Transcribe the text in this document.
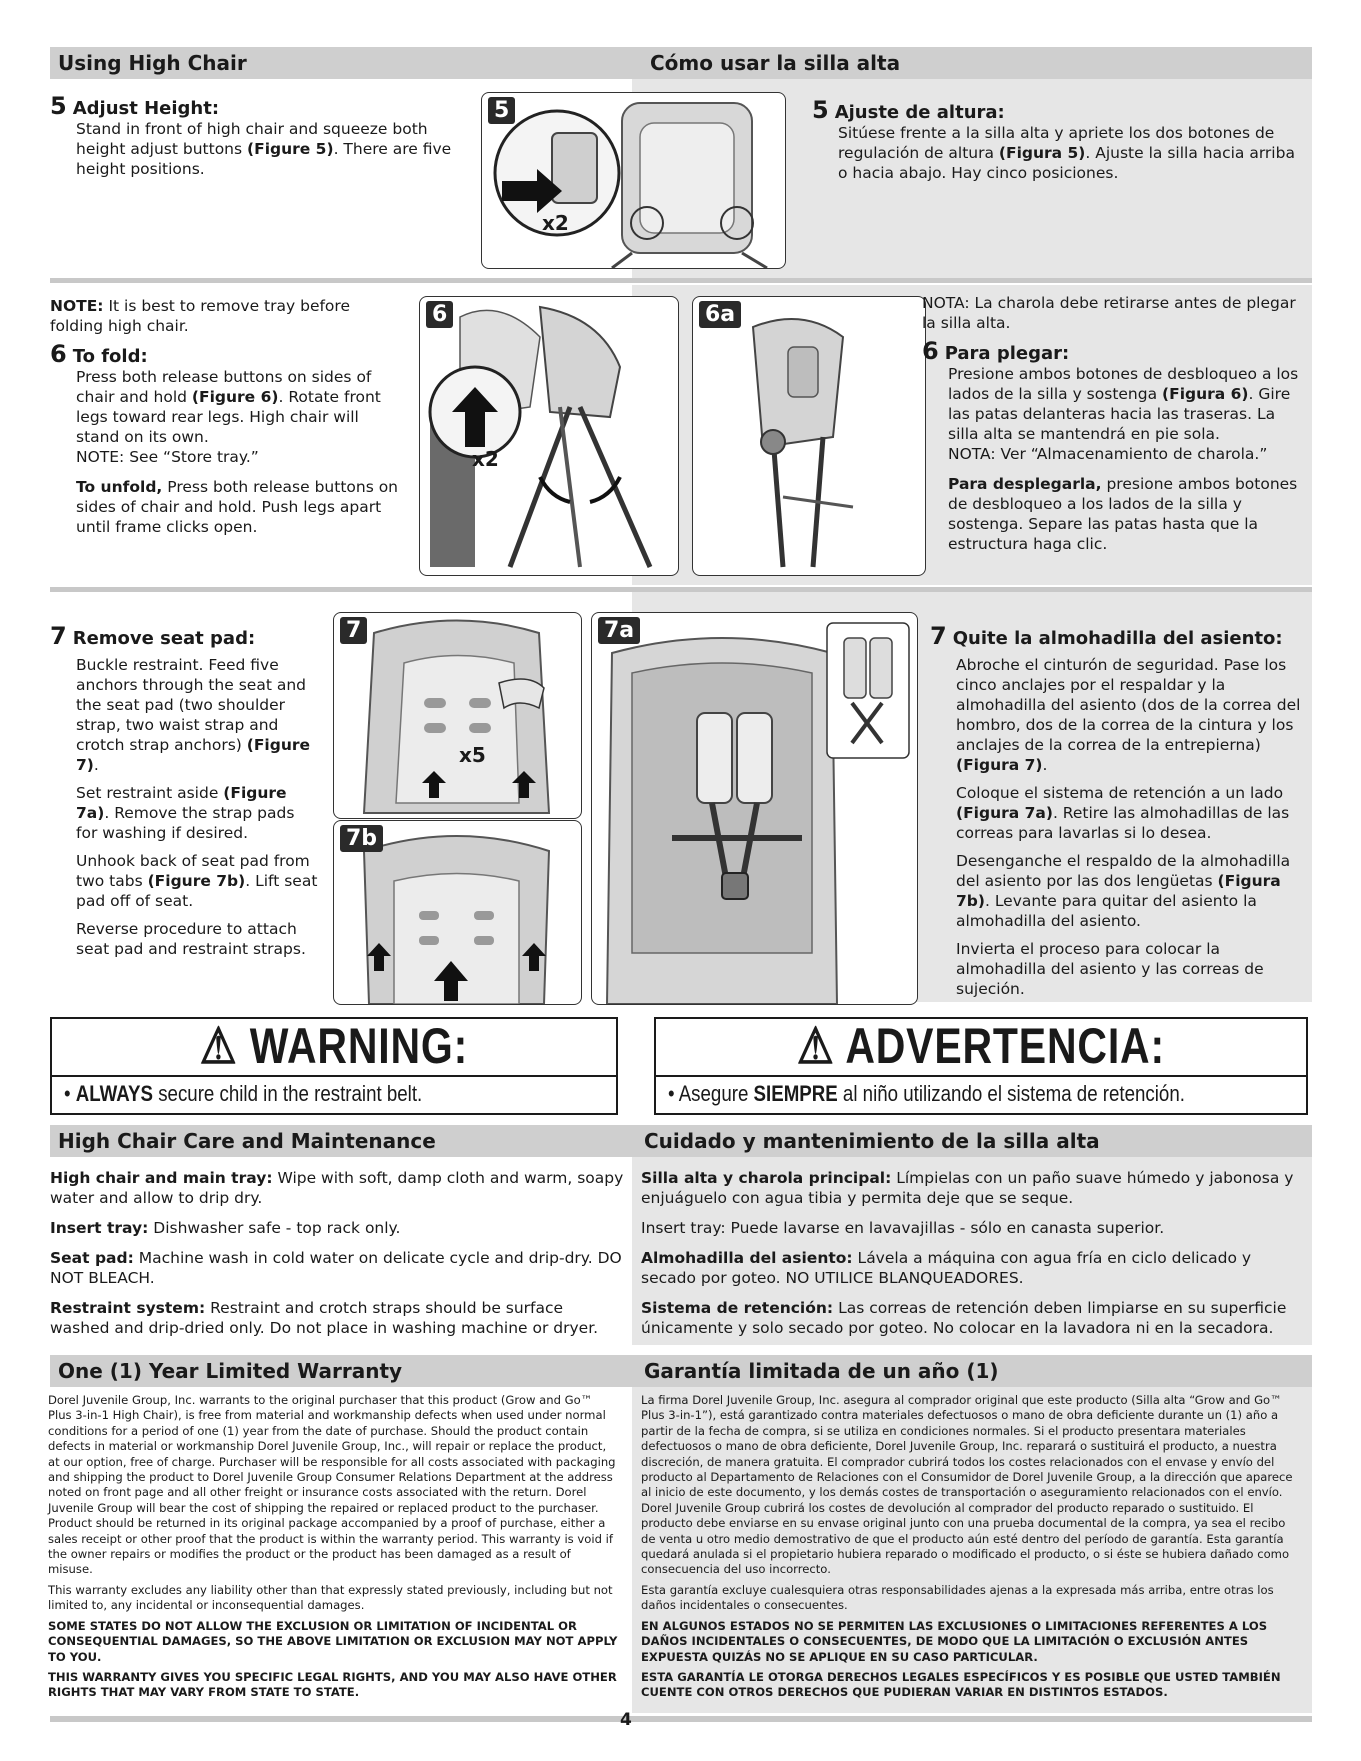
Using High Chair	Cómo usar la silla alta
5 Adjust Height:
Stand in front of high chair and squeeze both height adjust buttons (Figure 5). There are five height positions.
5
x2
5 Ajuste de altura:
Sitúese frente a la silla alta y apriete los dos botones de regulación de altura (Figura 5). Ajuste la silla hacia arriba o hacia abajo. Hay cinco posiciones.

NOTE: It is best to remove tray before folding high chair.

6 To fold:
Press both release buttons on sides of chair and hold (Figure 6). Rotate front legs toward rear legs. High chair will stand on its own.
NOTE: See “Store tray.”
To unfold, Press both release buttons on sides of chair and hold. Push legs apart until frame clicks open.
6
x2
6a	NOTA: La charola debe retirarse antes de plegar la silla alta.

6 Para plegar:
Presione ambos botones de desbloqueo a los lados de la silla y sostenga (Figura 6). Gire las patas delanteras hacia las traseras. La silla alta se mantendrá en pie sola.
NOTA: Ver “Almacenamiento de charola.”
Para desplegarla, presione ambos botones de desbloqueo a los lados de la silla y sostenga. Separe las patas hasta que la estructura haga clic.
7 Remove seat pad:

Buckle restraint. Feed five anchors through the seat and the seat pad (two shoulder strap, two waist strap and crotch strap anchors) (Figure 7).

Set restraint aside (Figure 7a). Remove the strap pads for washing if desired.

Unhook back of seat pad from two tabs (Figure 7b). Lift seat pad off of seat.

Reverse procedure to attach seat pad and restraint straps.

7
x5
7b
7a	7 Quite la almohadilla del asiento:

Abroche el cinturón de seguridad. Pase los cinco anclajes por el respaldar y la almohadilla del asiento (dos de la correa del hombro, dos de la correa de la cintura y los anclajes de la correa de la entrepierna) (Figura 7).

Coloque el sistema de retención a un lado (Figura 7a). Retire las almohadillas de las correas para lavarlas si lo desea.

Desenganche el respaldo de la almohadilla del asiento por las dos lengüetas (Figura 7b). Levante para quitar del asiento la almohadilla del asiento.

Invierta el proceso para colocar la almohadilla del asiento y las correas de sujeción.

⚠ WARNING:
• ALWAYS secure child in the restraint belt.
⚠ ADVERTENCIA:
• Asegure SIEMPRE al niño utilizando el sistema de retención.
High Chair Care and Maintenance	Cuidado y mantenimiento de la silla alta

High chair and main tray: Wipe with soft, damp cloth and warm, soapy water and allow to drip dry.

Insert tray: Dishwasher safe - top rack only.

Seat pad: Machine wash in cold water on delicate cycle and drip-dry. DO NOT BLEACH.

Restraint system: Restraint and crotch straps should be surface washed and drip-dried only. Do not place in washing machine or dryer.

Silla alta y charola principal: Límpielas con un paño suave húmedo y jabonosa y enjuáguelo con agua tibia y permita deje que se seque.

Insert tray: Puede lavarse en lavavajillas - sólo en canasta superior.

Almohadilla del asiento: Lávela a máquina con agua fría en ciclo delicado y secado por goteo. NO UTILICE BLANQUEADORES.

Sistema de retención: Las correas de retención deben limpiarse en su superficie únicamente y solo secado por goteo. No colocar en la lavadora ni en la secadora.

One (1) Year Limited Warranty	Garantía limitada de un año (1)

Dorel Juvenile Group, Inc. warrants to the original purchaser that this product (Grow and Go™ Plus 3-in-1 High Chair), is free from material and workmanship defects when used under normal conditions for a period of one (1) year from the date of purchase. Should the product contain defects in material or workmanship Dorel Juvenile Group, Inc., will repair or replace the product, at our option, free of charge. Purchaser will be responsible for all costs associated with packaging and shipping the product to Dorel Juvenile Group Consumer Relations Department at the address noted on front page and all other freight or insurance costs associated with the return. Dorel Juvenile Group will bear the cost of shipping the repaired or replaced product to the purchaser. Product should be returned in its original package accompanied by a proof of purchase, either a sales receipt or other proof that the product is within the warranty period. This warranty is void if the owner repairs or modifies the product or the product has been damaged as a result of misuse.

This warranty excludes any liability other than that expressly stated previously, including but not limited to, any incidental or inconsequential damages.

SOME STATES DO NOT ALLOW THE EXCLUSION OR LIMITATION OF INCIDENTAL OR CONSEQUENTIAL DAMAGES, SO THE ABOVE LIMITATION OR EXCLUSION MAY NOT APPLY TO YOU.

THIS WARRANTY GIVES YOU SPECIFIC LEGAL RIGHTS, AND YOU MAY ALSO HAVE OTHER RIGHTS THAT MAY VARY FROM STATE TO STATE.

La firma Dorel Juvenile Group, Inc. asegura al comprador original que este producto (Silla alta “Grow and Go™ Plus 3-in-1”), está garantizado contra materiales defectuosos o mano de obra deficiente durante un (1) año a partir de la fecha de compra, si se utiliza en condiciones normales. Si el producto presentara materiales defectuosos o mano de obra deficiente, Dorel Juvenile Group, Inc. reparará o sustituirá el producto, a nuestra discreción, de manera gratuita. El comprador cubrirá todos los costes relacionados con el envase y envío del producto al Departamento de Relaciones con el Consumidor de Dorel Juvenile Group, a la dirección que aparece al inicio de este documento, y los demás costes de transportación o aseguramiento relacionados con el envío. Dorel Juvenile Group cubrirá los costes de devolución al comprador del producto reparado o sustituido. El producto debe enviarse en su envase original junto con una prueba documental de la compra, ya sea el recibo de venta u otro medio demostrativo de que el producto aún esté dentro del período de garantía. Esta garantía quedará anulada si el propietario hubiera reparado o modificado el producto, o si éste se hubiera dañado como consecuencia del uso incorrecto.

Esta garantía excluye cualesquiera otras responsabilidades ajenas a la expresada más arriba, entre otras los daños incidentales o consecuentes.

EN ALGUNOS ESTADOS NO SE PERMITEN LAS EXCLUSIONES O LIMITACIONES REFERENTES A LOS DAÑOS INCIDENTALES O CONSECUENTES, DE MODO QUE LA LIMITACIÓN O EXCLUSIÓN ANTES EXPUESTA QUIZÁS NO SE APLIQUE EN SU CASO PARTICULAR.

ESTA GARANTÍA LE OTORGA DERECHOS LEGALES ESPECÍFICOS Y ES POSIBLE QUE USTED TAMBIÉN CUENTE CON OTROS DERECHOS QUE PUDIERAN VARIAR EN DISTINTOS ESTADOS.

4
